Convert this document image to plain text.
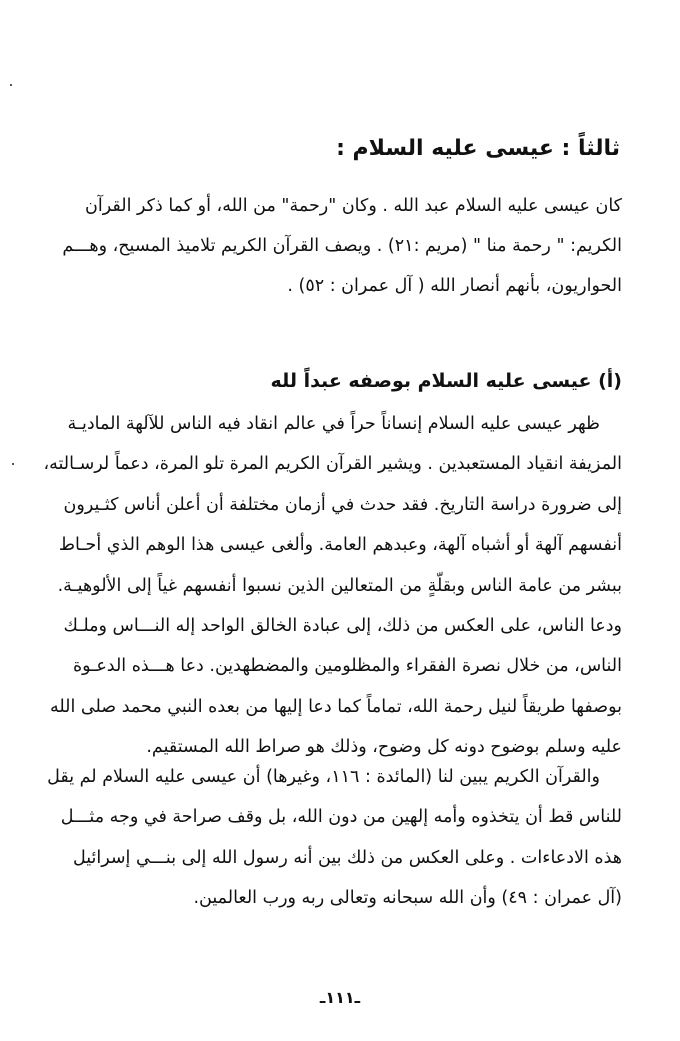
ثالثاً : عيسى عليه السلام :

كان عيسى عليه السلام عبد الله . وكان "رحمة" من الله، أو كما ذكر القرآن
الكريم: " رحمة منا " (مريم :٢١) . ويصف القرآن الكريم تلاميذ المسيح، وهـــم
الحواريون، بأنهم أنصار الله ( آل عمران : ٥٢) .

(أ) عيسى عليه السلام بوصفه عبداً لله

ظهر عيسى عليه السلام إنساناً حراً في عالم انقاد فيه الناس للآلهة الماديـة
المزيفة انقياد المستعبدين . ويشير القرآن الكريم المرة تلو المرة، دعماً لرسـالته،
إلى ضرورة دراسة التاريخ. فقد حدث في أزمان مختلفة أن أعلن أناس كثـيرون
أنفسهم آلهة أو أشباه آلهة، وعبدهم العامة. وألغى عيسى هذا الوهم الذي أحـاط
ببشر من عامة الناس وبقلّةٍ من المتعالين الذين نسبوا أنفسهم غياً إلى الألوهيـة.
ودعا الناس، على العكس من ذلك، إلى عبادة الخالق الواحد إله النـــاس وملـك
الناس، من خلال نصرة الفقراء والمظلومين والمضطهدين. دعا هـــذه الدعـوة
بوصفها طريقاً لنيل رحمة الله، تماماً كما دعا إليها من بعده النبي محمد صلى الله
عليه وسلم بوضوح دونه كل وضوح، وذلك هو صراط الله المستقيم.

والقرآن الكريم يبين لنا (المائدة : ١١٦، وغيرها) أن عيسى عليه السلام لم يقل
للناس قط أن يتخذوه وأمه إلهين من دون الله، بل وقف صراحة في وجه مثـــل
هذه الادعاءات . وعلى العكس من ذلك بين أنه رسول الله إلى بنـــي إسرائيل
(آل عمران : ٤٩) وأن الله سبحانه وتعالى ربه ورب العالمين.

ـ١١١ـ
